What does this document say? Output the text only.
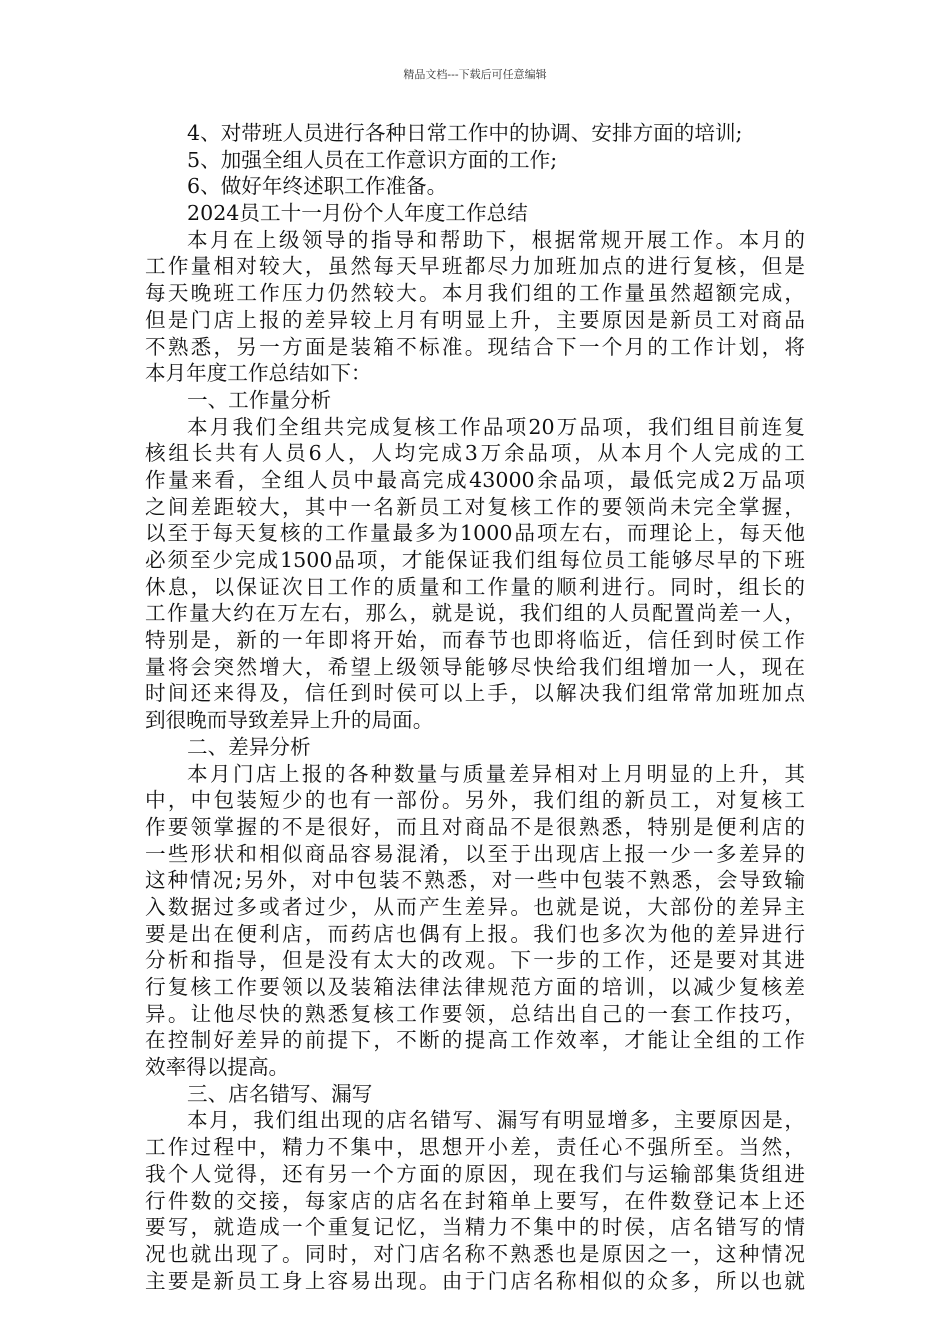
精品文档---下载后可任意编辑

4、对带班人员进行各种日常工作中的协调、安排方面的培训;

5、加强全组人员在工作意识方面的工作;

6、做好年终述职工作准备。

2024员工十一月份个人年度工作总结

本月在上级领导的指导和帮助下，根据常规开展工作。本月的

工作量相对较大，虽然每天早班都尽力加班加点的进行复核，但是

每天晚班工作压力仍然较大。本月我们组的工作量虽然超额完成，

但是门店上报的差异较上月有明显上升，主要原因是新员工对商品

不熟悉，另一方面是装箱不标准。现结合下一个月的工作计划，将

本月年度工作总结如下：

一、工作量分析

本月我们全组共完成复核工作品项20万品项，我们组目前连复

核组长共有人员6人，人均完成3万余品项，从本月个人完成的工

作量来看，全组人员中最高完成43000余品项，最低完成2万品项

之间差距较大，其中一名新员工对复核工作的要领尚未完全掌握，

以至于每天复核的工作量最多为1000品项左右，而理论上，每天他

必须至少完成1500品项，才能保证我们组每位员工能够尽早的下班

休息，以保证次日工作的质量和工作量的顺利进行。同时，组长的

工作量大约在万左右，那么，就是说，我们组的人员配置尚差一人，

特别是，新的一年即将开始，而春节也即将临近，信任到时侯工作

量将会突然增大，希望上级领导能够尽快给我们组增加一人，现在

时间还来得及，信任到时侯可以上手，以解决我们组常常加班加点

到很晚而导致差异上升的局面。

二、差异分析

本月门店上报的各种数量与质量差异相对上月明显的上升，其

中，中包装短少的也有一部份。另外，我们组的新员工，对复核工

作要领掌握的不是很好，而且对商品不是很熟悉，特别是便利店的

一些形状和相似商品容易混淆，以至于出现店上报一少一多差异的

这种情况;另外，对中包装不熟悉，对一些中包装不熟悉，会导致输

入数据过多或者过少，从而产生差异。也就是说，大部份的差异主

要是出在便利店，而药店也偶有上报。我们也多次为他的差异进行

分析和指导，但是没有太大的改观。下一步的工作，还是要对其进

行复核工作要领以及装箱法律法律规范方面的培训，以减少复核差

异。让他尽快的熟悉复核工作要领，总结出自己的一套工作技巧，

在控制好差异的前提下，不断的提高工作效率，才能让全组的工作

效率得以提高。

三、店名错写、漏写

本月，我们组出现的店名错写、漏写有明显增多，主要原因是，

工作过程中，精力不集中，思想开小差，责任心不强所至。当然，

我个人觉得，还有另一个方面的原因，现在我们与运输部集货组进

行件数的交接，每家店的店名在封箱单上要写，在件数登记本上还

要写，就造成一个重复记忆，当精力不集中的时侯，店名错写的情

况也就出现了。同时，对门店名称不熟悉也是原因之一，这种情况

主要是新员工身上容易出现。由于门店名称相似的众多，所以也就
